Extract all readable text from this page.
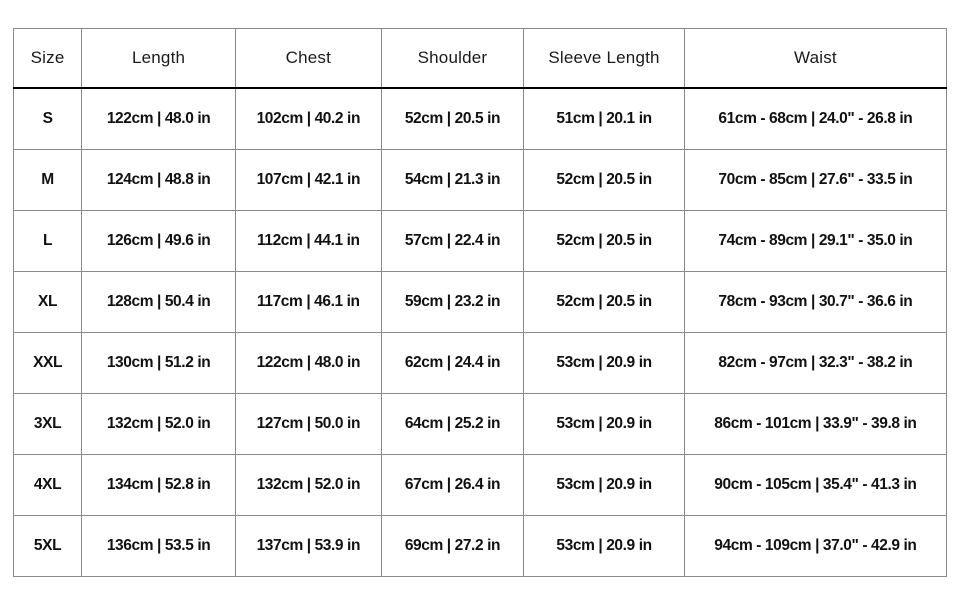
Size	Length	Chest	Shoulder	Sleeve Length	Waist
S	122cm | 48.0 in	102cm | 40.2 in	52cm | 20.5 in	51cm | 20.1 in	61cm - 68cm | 24.0" - 26.8 in
M	124cm | 48.8 in	107cm | 42.1 in	54cm | 21.3 in	52cm | 20.5 in	70cm - 85cm | 27.6" - 33.5 in
L	126cm | 49.6 in	112cm | 44.1 in	57cm | 22.4 in	52cm | 20.5 in	74cm - 89cm | 29.1" - 35.0 in
XL	128cm | 50.4 in	117cm | 46.1 in	59cm | 23.2 in	52cm | 20.5 in	78cm - 93cm | 30.7" - 36.6 in
XXL	130cm | 51.2 in	122cm | 48.0 in	62cm | 24.4 in	53cm | 20.9 in	82cm - 97cm | 32.3" - 38.2 in
3XL	132cm | 52.0 in	127cm | 50.0 in	64cm | 25.2 in	53cm | 20.9 in	86cm - 101cm | 33.9" - 39.8 in
4XL	134cm | 52.8 in	132cm | 52.0 in	67cm | 26.4 in	53cm | 20.9 in	90cm - 105cm | 35.4" - 41.3 in
5XL	136cm | 53.5 in	137cm | 53.9 in	69cm | 27.2 in	53cm | 20.9 in	94cm - 109cm | 37.0" - 42.9 in
